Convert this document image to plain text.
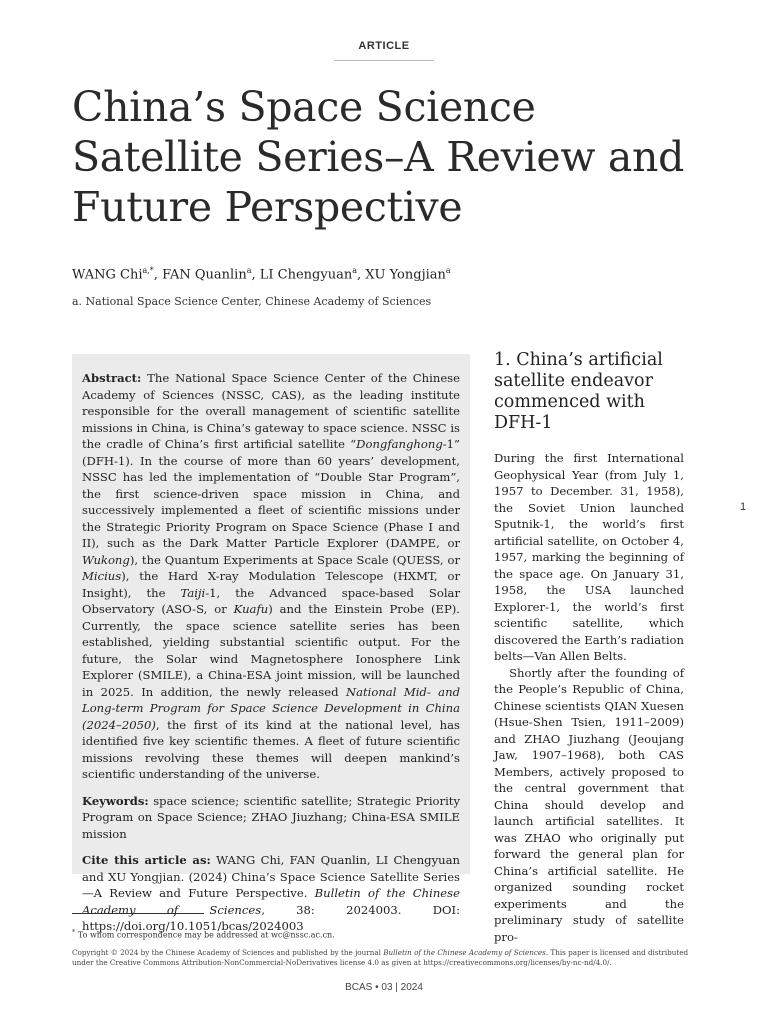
ARTICLE
China’s Space Science Satellite Series–A Review and Future Perspective
WANG Chi$^{a,*}$, FAN Quanlin$^a$, LI Chengyuan$^a$, XU Yongjian$^a$
a. National Space Science Center, Chinese Academy of Sciences

Abstract: The National Space Science Center of the Chinese Academy of Sciences (NSSC, CAS), as the leading institute responsible for the overall management of scientific satellite missions in China, is China’s gateway to space science. NSSC is the cradle of China’s first artificial satellite “Dongfanghong-1” (DFH-1). In the course of more than 60 years’ development, NSSC has led the implementation of “Double Star Program”, the first science-driven space mission in China, and successively implemented a fleet of scientific missions under the Strategic Priority Program on Space Science (Phase I and II), such as the Dark Matter Particle Explorer (DAMPE, or Wukong), the Quantum Experiments at Space Scale (QUESS, or Micius), the Hard X-ray Modulation Telescope (HXMT, or Insight), the Taiji-1, the Advanced space-based Solar Observatory (ASO-S, or Kuafu) and the Einstein Probe (EP). Currently, the space science satellite series has been established, yielding substantial scientific output. For the future, the Solar wind Magnetosphere Ionosphere Link Explorer (SMILE), a China-ESA joint mission, will be launched in 2025. In addition, the newly released National Mid- and Long-term Program for Space Science Development in China (2024–2050), the first of its kind at the national level, has identified five key scientific themes. A fleet of future scientific missions revolving these themes will deepen mankind’s scientific understanding of the universe.

Keywords: space science; scientific satellite; Strategic Priority Program on Space Science; ZHAO Jiuzhang; China-ESA SMILE mission

Cite this article as: WANG Chi, FAN Quanlin, LI Chengyuan and XU Yongjian. (2024) China’s Space Science Satellite Series—A Review and Future Perspective. Bulletin of the Chinese Academy of Sciences, 38: 2024003. DOI: https://doi.org/10.1051/bcas/2024003

1. China’s artificial satellite endeavor commenced with DFH-1

During the first International Geophysical Year (from July 1, 1957 to December. 31, 1958), the Soviet Union launched Sputnik-1, the world’s first artificial satellite, on October 4, 1957, marking the beginning of the space age. On January 31, 1958, the USA launched Explorer-1, the world’s first scientific satellite, which discovered the Earth’s radiation belts—Van Allen Belts.

Shortly after the founding of the People’s Republic of China, Chinese scientists QIAN Xuesen (Hsue-Shen Tsien, 1911–2009) and ZHAO Jiuzhang (Jeoujang Jaw, 1907–1968), both CAS Members, actively proposed to the central government that China should develop and launch artificial satellites. It was ZHAO who originally put forward the general plan for China’s artificial satellite. He organized sounding rocket experiments and the preliminary study of satellite pro-

1
* To whom correspondence may be addressed at wc@nssc.ac.cn.
Copyright © 2024 by the Chinese Academy of Sciences and published by the journal Bulletin of the Chinese Academy of Sciences. This paper is licensed and distributed under the Creative Commons Attribution-NonCommercial-NoDerivatives license 4.0 as given at https://creativecommons.org/licenses/by-nc-nd/4.0/.
BCAS • 03 | 2024
